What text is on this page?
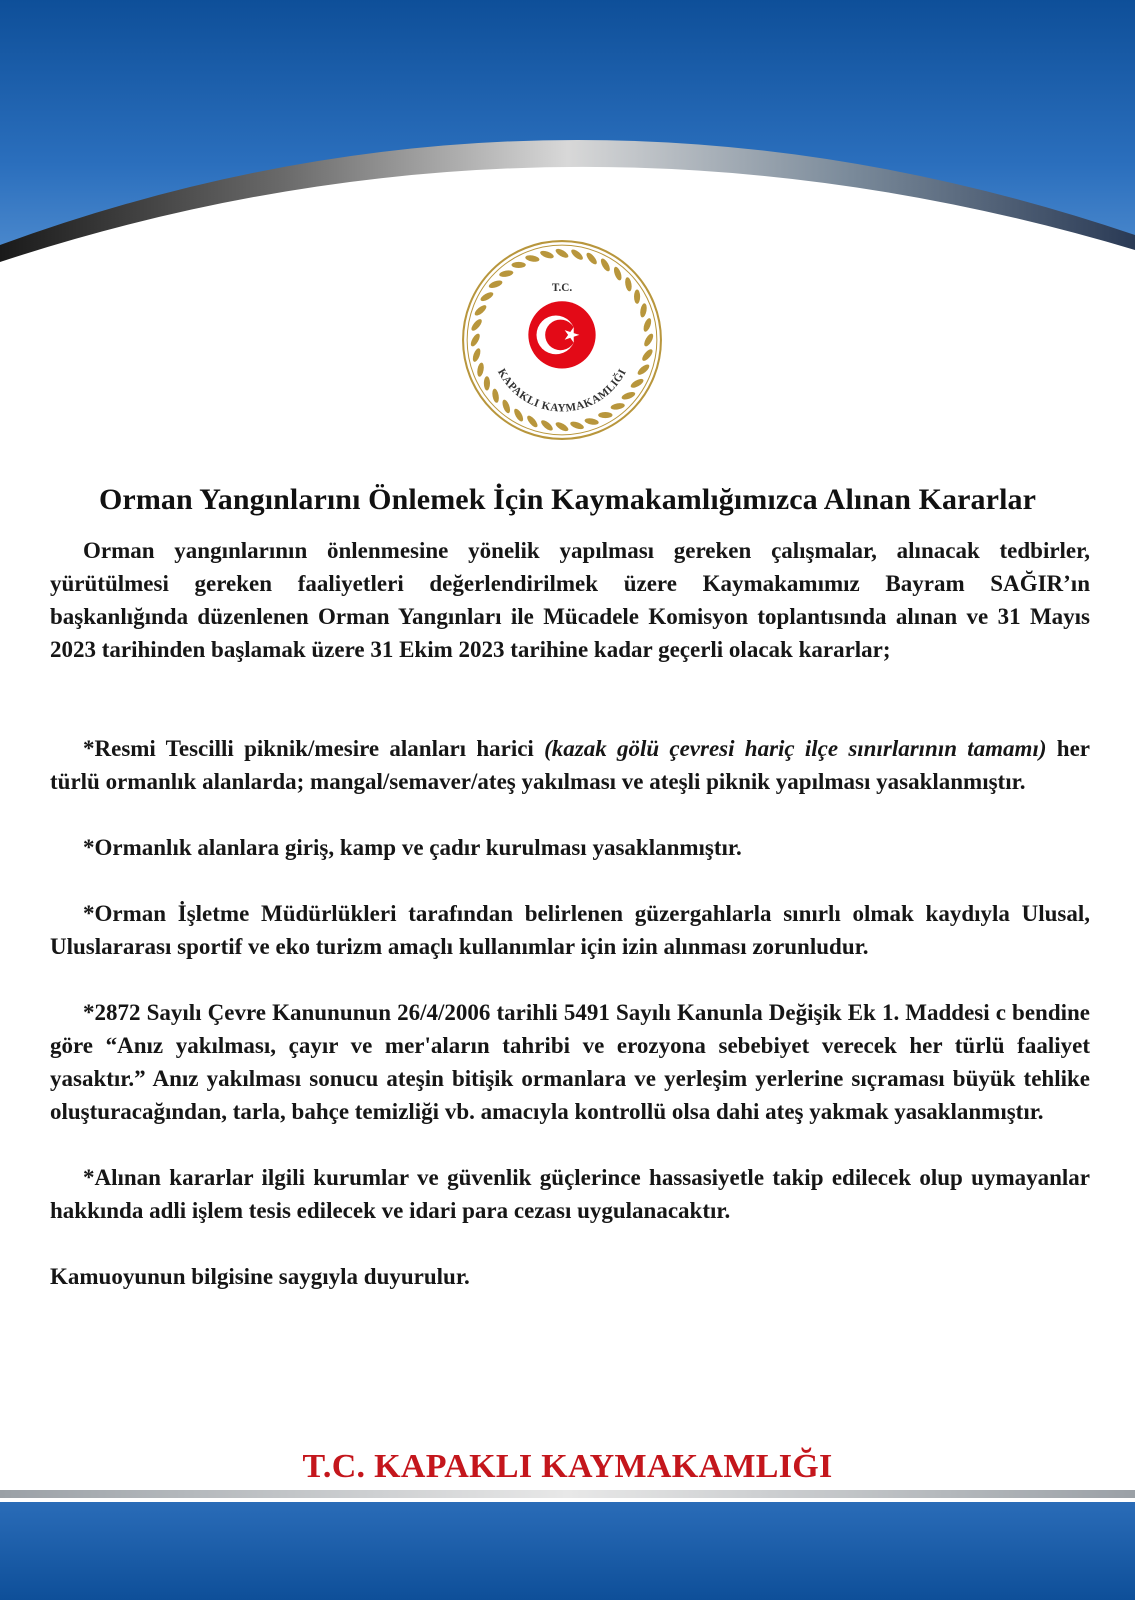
T.C.
KAPAKLI KAYMAKAMLIĞI
Orman Yangınlarını Önlemek İçin Kaymakamlığımızca Alınan Kararlar

Orman yangınlarının önlenmesine yönelik yapılması gereken çalışmalar, alınacak tedbirler, yürütülmesi gereken faaliyetleri değerlendirilmek üzere Kaymakamımız Bayram SAĞIR’ın başkanlığında düzenlenen Orman Yangınları ile Mücadele Komisyon toplantısında alınan ve 31 Mayıs 2023 tarihinden başlamak üzere 31 Ekim 2023 tarihine kadar geçerli olacak kararlar;

*Resmi Tescilli piknik/mesire alanları harici (kazak gölü çevresi hariç ilçe sınırlarının tamamı) her türlü ormanlık alanlarda; mangal/semaver/ateş yakılması ve ateşli piknik yapılması yasaklanmıştır.

*Ormanlık alanlara giriş, kamp ve çadır kurulması yasaklanmıştır.

*Orman İşletme Müdürlükleri tarafından belirlenen güzergahlarla sınırlı olmak kaydıyla Ulusal, Uluslararası sportif ve eko turizm amaçlı kullanımlar için izin alınması zorunludur.

*2872 Sayılı Çevre Kanununun 26/4/2006 tarihli 5491 Sayılı Kanunla Değişik Ek 1. Maddesi c bendine göre “Anız yakılması, çayır ve mer'aların tahribi ve erozyona sebebiyet verecek her türlü faaliyet yasaktır.” Anız yakılması sonucu ateşin bitişik ormanlara ve yerleşim yerlerine sıçraması büyük tehlike oluşturacağından, tarla, bahçe temizliği vb. amacıyla kontrollü olsa dahi ateş yakmak yasaklanmıştır.

*Alınan kararlar ilgili kurumlar ve güvenlik güçlerince hassasiyetle takip edilecek olup uymayanlar hakkında adli işlem tesis edilecek ve idari para cezası uygulanacaktır.

Kamuoyunun bilgisine saygıyla duyurulur.

T.C. KAPAKLI KAYMAKAMLIĞI
